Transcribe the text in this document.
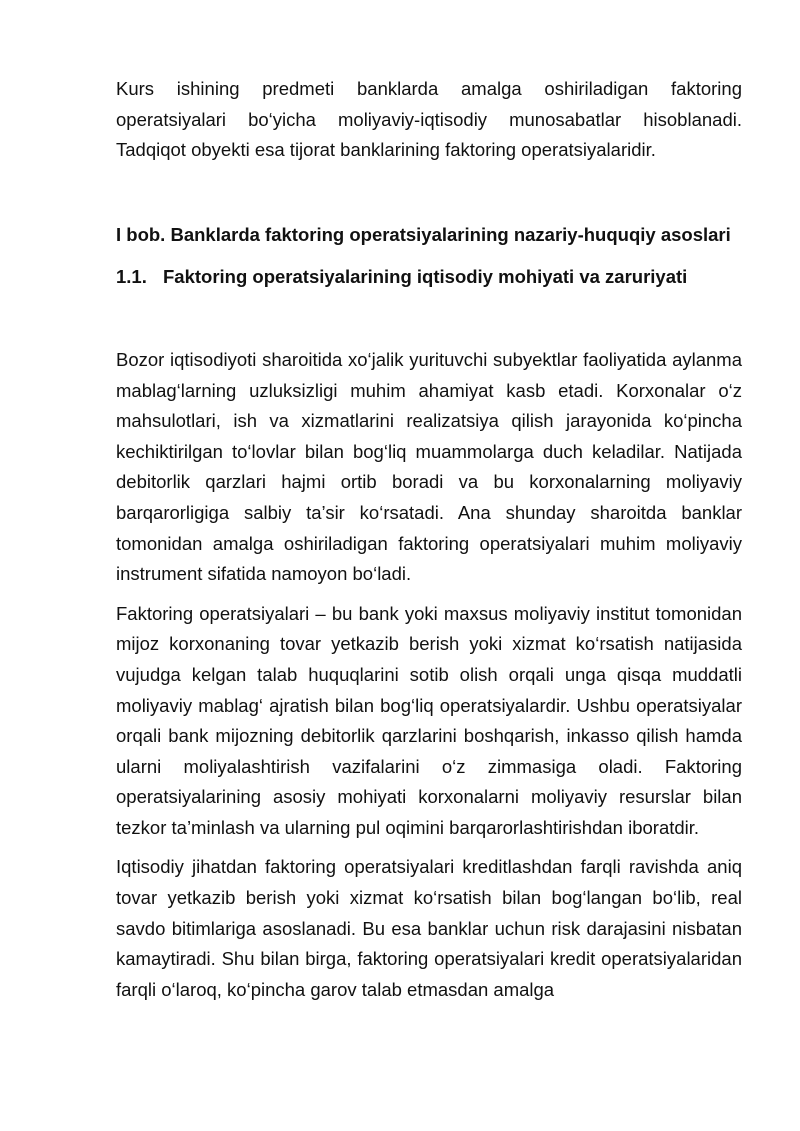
Kurs ishining predmeti banklarda amalga oshiriladigan faktoring operatsiyalari bo‘yicha moliyaviy-iqtisodiy munosabatlar hisoblanadi. Tadqiqot obyekti esa tijorat banklarining faktoring operatsiyalaridir.

I bob. Banklarda faktoring operatsiyalarining nazariy-huquqiy asoslari
1.1. Faktoring operatsiyalarining iqtisodiy mohiyati va zaruriyati

Bozor iqtisodiyoti sharoitida xo‘jalik yurituvchi subyektlar faoliyatida aylanma mablag‘larning uzluksizligi muhim ahamiyat kasb etadi. Korxonalar o‘z mahsulotlari, ish va xizmatlarini realizatsiya qilish jarayonida ko‘pincha kechiktirilgan to‘lovlar bilan bog‘liq muammolarga duch keladilar. Natijada debitorlik qarzlari hajmi ortib boradi va bu korxonalarning moliyaviy barqarorligiga salbiy ta’sir ko‘rsatadi. Ana shunday sharoitda banklar tomonidan amalga oshiriladigan faktoring operatsiyalari muhim moliyaviy instrument sifatida namoyon bo‘ladi.

Faktoring operatsiyalari – bu bank yoki maxsus moliyaviy institut tomonidan mijoz korxonaning tovar yetkazib berish yoki xizmat ko‘rsatish natijasida vujudga kelgan talab huquqlarini sotib olish orqali unga qisqa muddatli moliyaviy mablag‘ ajratish bilan bog‘liq operatsiyalardir. Ushbu operatsiyalar orqali bank mijozning debitorlik qarzlarini boshqarish, inkasso qilish hamda ularni moliyalashtirish vazifalarini o‘z zimmasiga oladi. Faktoring operatsiyalarining asosiy mohiyati korxonalarni moliyaviy resurslar bilan tezkor ta’minlash va ularning pul oqimini barqarorlashtirishdan iboratdir.

Iqtisodiy jihatdan faktoring operatsiyalari kreditlashdan farqli ravishda aniq tovar yetkazib berish yoki xizmat ko‘rsatish bilan bog‘langan bo‘lib, real savdo bitimlariga asoslanadi. Bu esa banklar uchun risk darajasini nisbatan kamaytiradi. Shu bilan birga, faktoring operatsiyalari kredit operatsiyalaridan farqli o‘laroq, ko‘pincha garov talab etmasdan amalga
